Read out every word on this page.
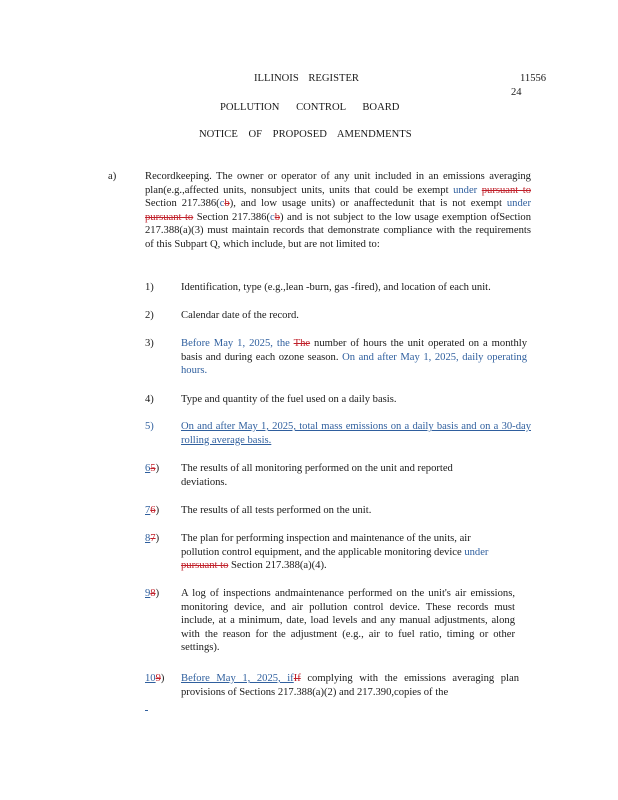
ILLINOIS REGISTER	11556
24
POLLUTION CONTROL BOARD
NOTICE OF PROPOSED AMENDMENTS
a)	Recordkeeping. The owner or operator of any unit included in an emissions averaging plan(e.g.,affected units, nonsubject units, units that could be exempt under pursuant to Section 217.386(cb), and low usage units) or anaffectedunit that is not exempt under pursuant to Section 217.386(cb) and is not subject to the low usage exemption ofSection 217.388(a)(3) must maintain records that demonstrate compliance with the requirements of this Subpart Q, which include, but are not limited to:
1)	Identification, type (e.g.,lean -burn, gas -fired), and location of each unit.
2)	Calendar date of the record.
3)	Before May 1, 2025, the The number of hours the unit operated on a monthly basis and during each ozone season. On and after May 1, 2025, daily operating hours.
4)	Type and quantity of the fuel used on a daily basis.
5)	On and after May 1, 2025, total mass emissions on a daily basis and on a 30-day rolling average basis.
65) The results of all monitoring performed on the unit and reported deviations.
76) The results of all tests performed on the unit.
87) The plan for performing inspection and maintenance of the units, air pollution control equipment, and the applicable monitoring device under pursuant to Section 217.388(a)(4).
98) A log of inspections andmaintenance performed on the unit's air emissions, monitoring device, and air pollution control device. These records must include, at a minimum, date, load levels and any manual adjustments, along with the reason for the adjustment (e.g., air to fuel ratio, timing or other settings).
109) Before May 1, 2025, ifIf complying with the emissions averaging plan provisions of Sections 217.388(a)(2) and 217.390,copies of the
